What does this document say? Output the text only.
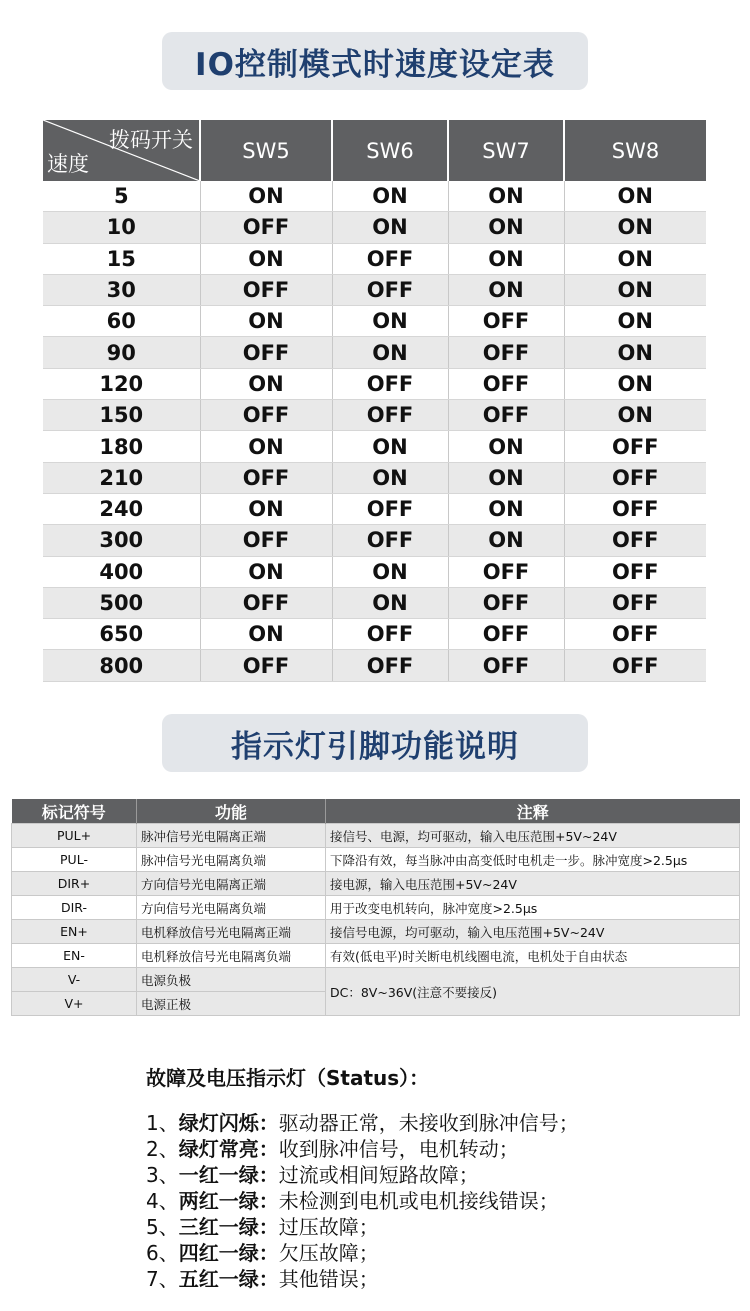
IO控制模式时速度设定表
拨码开关
速度	SW5	SW6	SW7	SW8
5	ON	ON	ON	ON
10	OFF	ON	ON	ON
15	ON	OFF	ON	ON
30	OFF	OFF	ON	ON
60	ON	ON	OFF	ON
90	OFF	ON	OFF	ON
120	ON	OFF	OFF	ON
150	OFF	OFF	OFF	ON
180	ON	ON	ON	OFF
210	OFF	ON	ON	OFF
240	ON	OFF	ON	OFF
300	OFF	OFF	ON	OFF
400	ON	ON	OFF	OFF
500	OFF	ON	OFF	OFF
650	ON	OFF	OFF	OFF
800	OFF	OFF	OFF	OFF
指示灯引脚功能说明
标记符号	功能	注释
PUL+	脉冲信号光电隔离正端	接信号、电源，均可驱动，输入电压范围+5V~24V
PUL-	脉冲信号光电隔离负端	下降沿有效，每当脉冲由高变低时电机走一步。脉冲宽度>2.5μs
DIR+	方向信号光电隔离正端	接电源，输入电压范围+5V~24V
DIR-	方向信号光电隔离负端	用于改变电机转向，脉冲宽度>2.5μs
EN+	电机释放信号光电隔离正端	接信号电源，均可驱动，输入电压范围+5V~24V
EN-	电机释放信号光电隔离负端	有效(低电平)时关断电机线圈电流，电机处于自由状态
V-	电源负极	DC：8V~36V(注意不要接反)
V+	电源正极	
故障及电压指示灯（Status）：
1、绿灯闪烁：驱动器正常，未接收到脉冲信号；
2、绿灯常亮：收到脉冲信号，电机转动；
3、一红一绿：过流或相间短路故障；
4、两红一绿：未检测到电机或电机接线错误；
5、三红一绿：过压故障；
6、四红一绿：欠压故障；
7、五红一绿：其他错误；
